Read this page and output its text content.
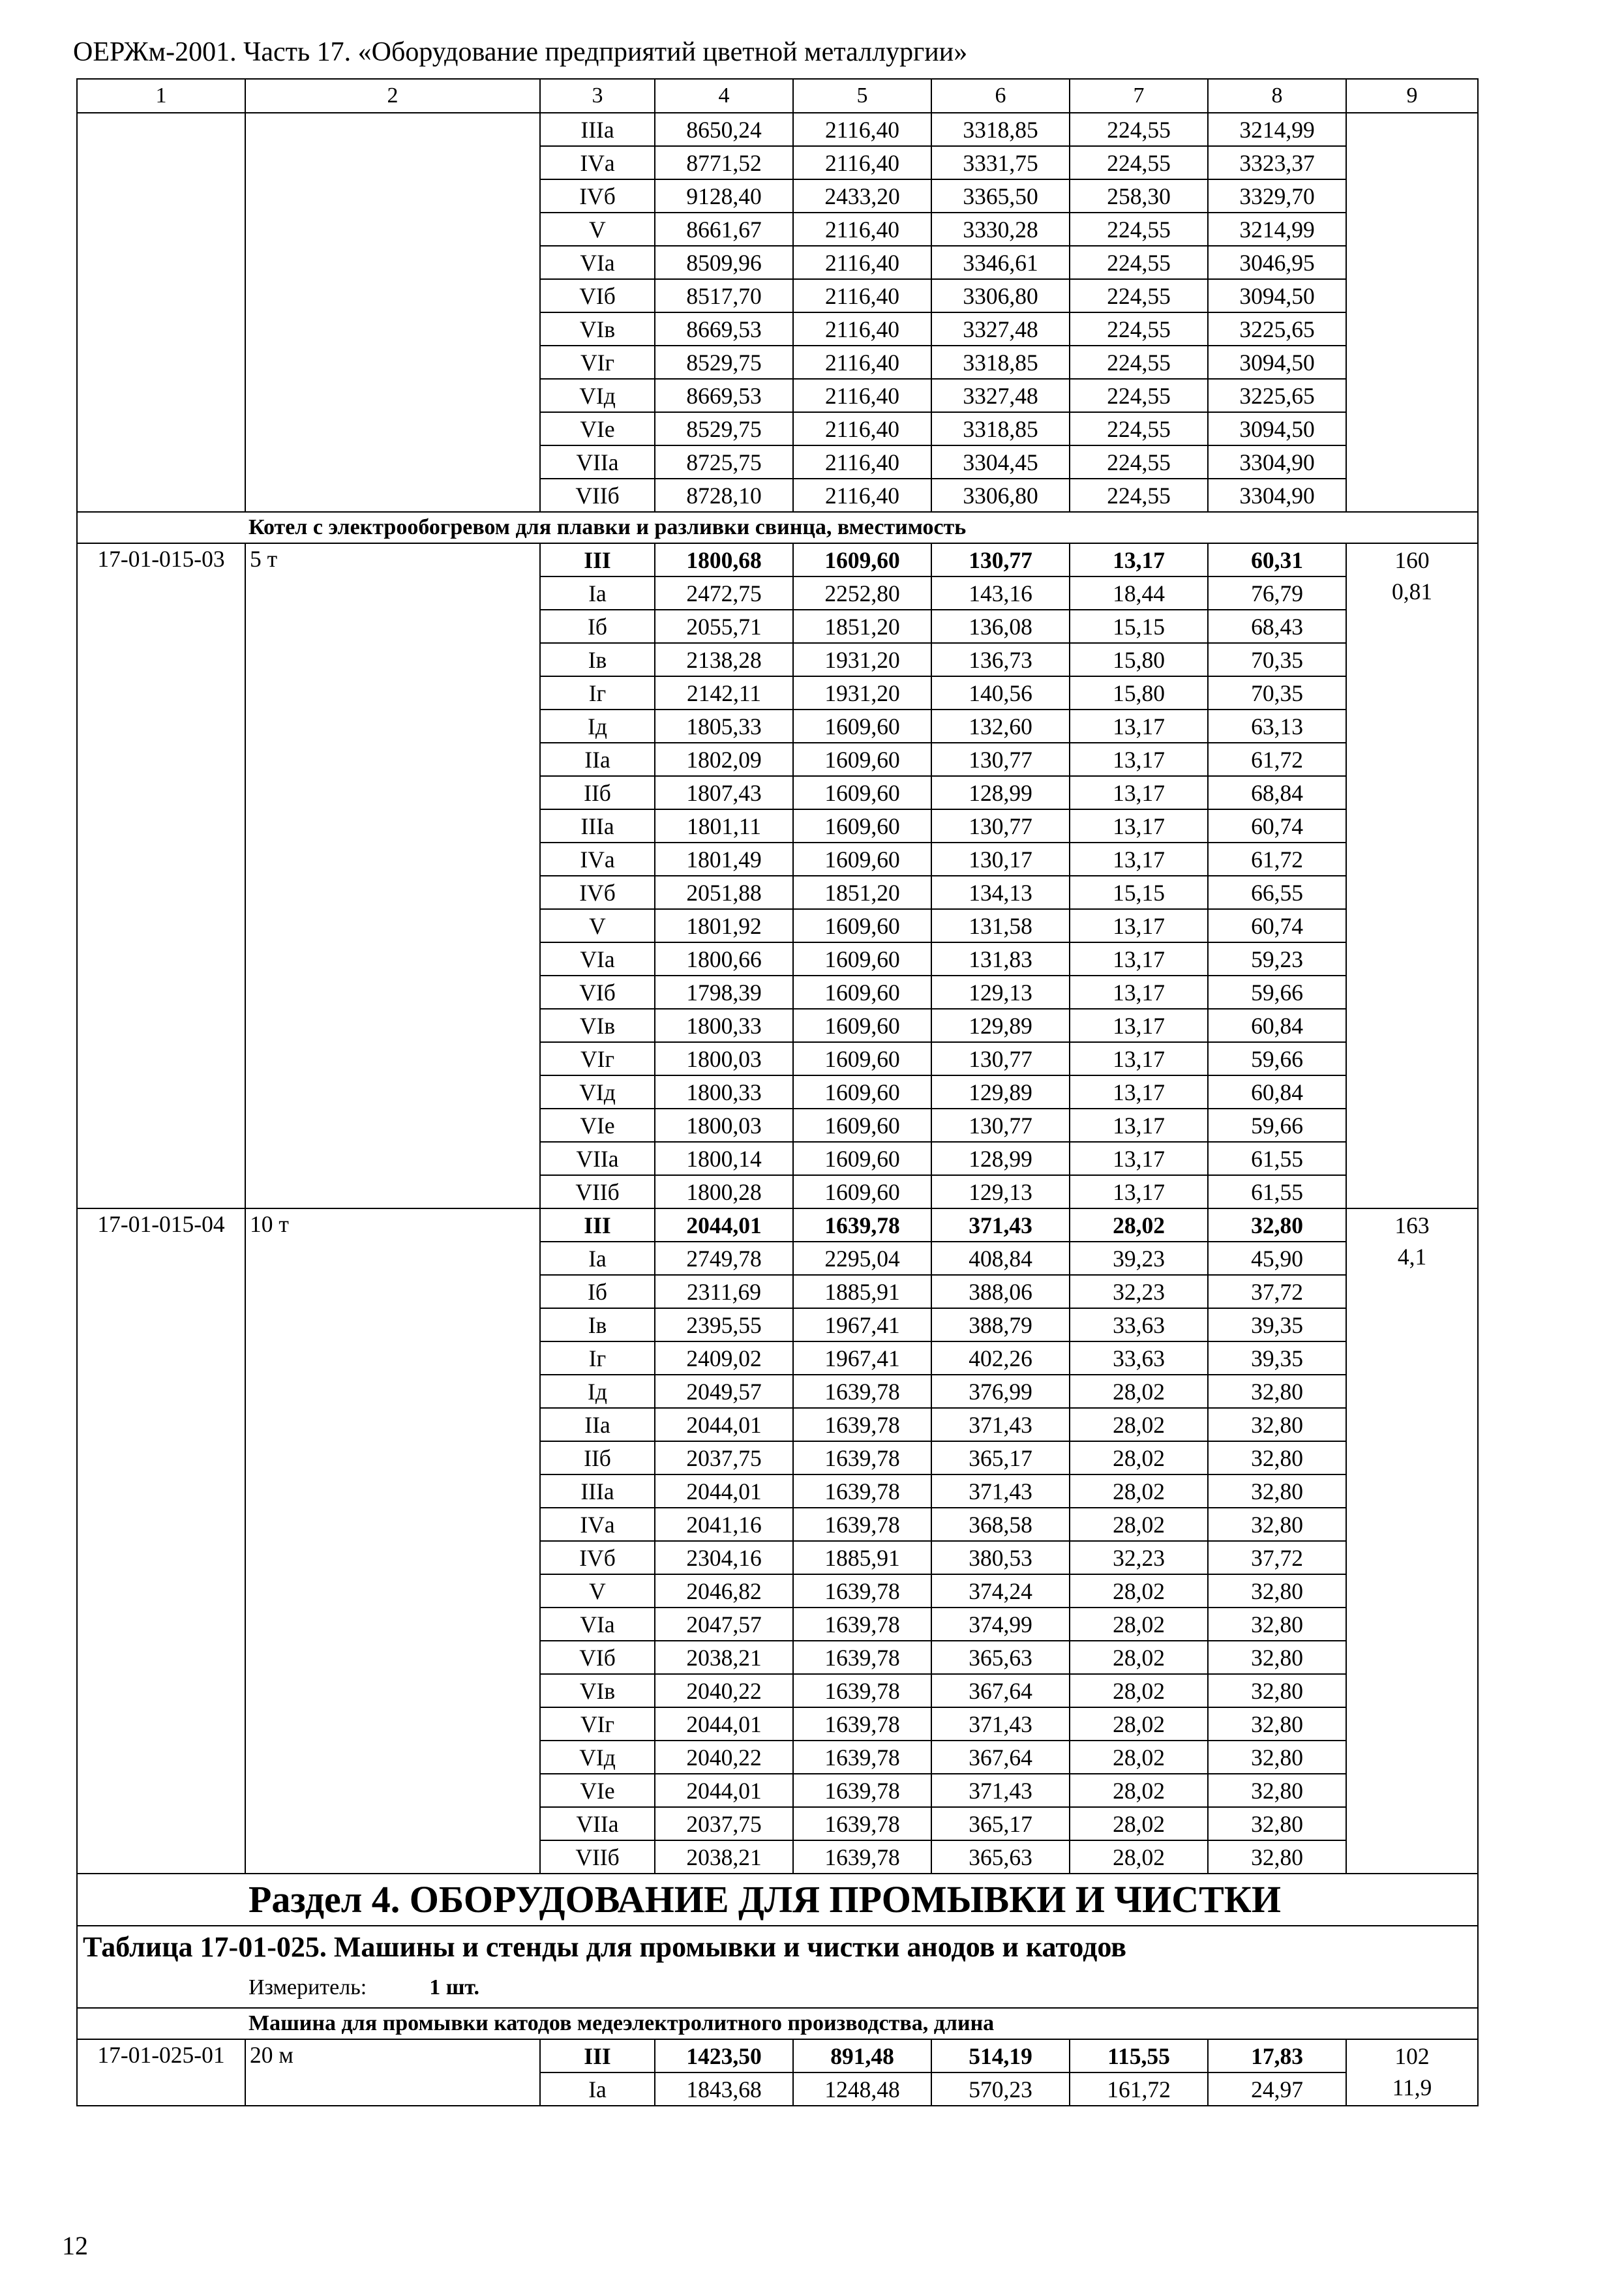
ОЕРЖм-2001. Часть 17. «Оборудование предприятий цветной металлургии»
1	2	3	4	5	6	7	8	9
		IIIа	8650,24	2116,40	3318,85	224,55	3214,99	
		IVа	8771,52	2116,40	3331,75	224,55	3323,37	
		IVб	9128,40	2433,20	3365,50	258,30	3329,70	
		V	8661,67	2116,40	3330,28	224,55	3214,99	
		VIа	8509,96	2116,40	3346,61	224,55	3046,95	
		VIб	8517,70	2116,40	3306,80	224,55	3094,50	
		VIв	8669,53	2116,40	3327,48	224,55	3225,65	
		VIг	8529,75	2116,40	3318,85	224,55	3094,50	
		VIд	8669,53	2116,40	3327,48	224,55	3225,65	
		VIе	8529,75	2116,40	3318,85	224,55	3094,50	
		VIIа	8725,75	2116,40	3304,45	224,55	3304,90	
		VIIб	8728,10	2116,40	3306,80	224,55	3304,90	
Котел с электрообогревом для плавки и разливки свинца, вместимость								
17-01-015-03	5 т	III	1800,68	1609,60	130,77	13,17	60,31	160
		Iа	2472,75	2252,80	143,16	18,44	76,79	0,81
		Iб	2055,71	1851,20	136,08	15,15	68,43	
		Iв	2138,28	1931,20	136,73	15,80	70,35	
		Iг	2142,11	1931,20	140,56	15,80	70,35	
		Iд	1805,33	1609,60	132,60	13,17	63,13	
		IIа	1802,09	1609,60	130,77	13,17	61,72	
		IIб	1807,43	1609,60	128,99	13,17	68,84	
		IIIа	1801,11	1609,60	130,77	13,17	60,74	
		IVа	1801,49	1609,60	130,17	13,17	61,72	
		IVб	2051,88	1851,20	134,13	15,15	66,55	
		V	1801,92	1609,60	131,58	13,17	60,74	
		VIа	1800,66	1609,60	131,83	13,17	59,23	
		VIб	1798,39	1609,60	129,13	13,17	59,66	
		VIв	1800,33	1609,60	129,89	13,17	60,84	
		VIг	1800,03	1609,60	130,77	13,17	59,66	
		VIд	1800,33	1609,60	129,89	13,17	60,84	
		VIе	1800,03	1609,60	130,77	13,17	59,66	
		VIIа	1800,14	1609,60	128,99	13,17	61,55	
		VIIб	1800,28	1609,60	129,13	13,17	61,55	
17-01-015-04	10 т	III	2044,01	1639,78	371,43	28,02	32,80	163
		Iа	2749,78	2295,04	408,84	39,23	45,90	4,1
		Iб	2311,69	1885,91	388,06	32,23	37,72	
		Iв	2395,55	1967,41	388,79	33,63	39,35	
		Iг	2409,02	1967,41	402,26	33,63	39,35	
		Iд	2049,57	1639,78	376,99	28,02	32,80	
		IIа	2044,01	1639,78	371,43	28,02	32,80	
		IIб	2037,75	1639,78	365,17	28,02	32,80	
		IIIа	2044,01	1639,78	371,43	28,02	32,80	
		IVа	2041,16	1639,78	368,58	28,02	32,80	
		IVб	2304,16	1885,91	380,53	32,23	37,72	
		V	2046,82	1639,78	374,24	28,02	32,80	
		VIа	2047,57	1639,78	374,99	28,02	32,80	
		VIб	2038,21	1639,78	365,63	28,02	32,80	
		VIв	2040,22	1639,78	367,64	28,02	32,80	
		VIг	2044,01	1639,78	371,43	28,02	32,80	
		VIд	2040,22	1639,78	367,64	28,02	32,80	
		VIе	2044,01	1639,78	371,43	28,02	32,80	
		VIIа	2037,75	1639,78	365,17	28,02	32,80	
		VIIб	2038,21	1639,78	365,63	28,02	32,80	
Раздел 4. ОБОРУДОВАНИЕ ДЛЯ ПРОМЫВКИ И ЧИСТКИ								
Таблица 17-01-025. Машины и стенды для промывки и чистки анодов и катодов								
Измеритель: 1 шт.								
Машина для промывки катодов медеэлектролитного производства, длина								
17-01-025-01	20 м	III	1423,50	891,48	514,19	115,55	17,83	102
		Iа	1843,68	1248,48	570,23	161,72	24,97	11,9
12
